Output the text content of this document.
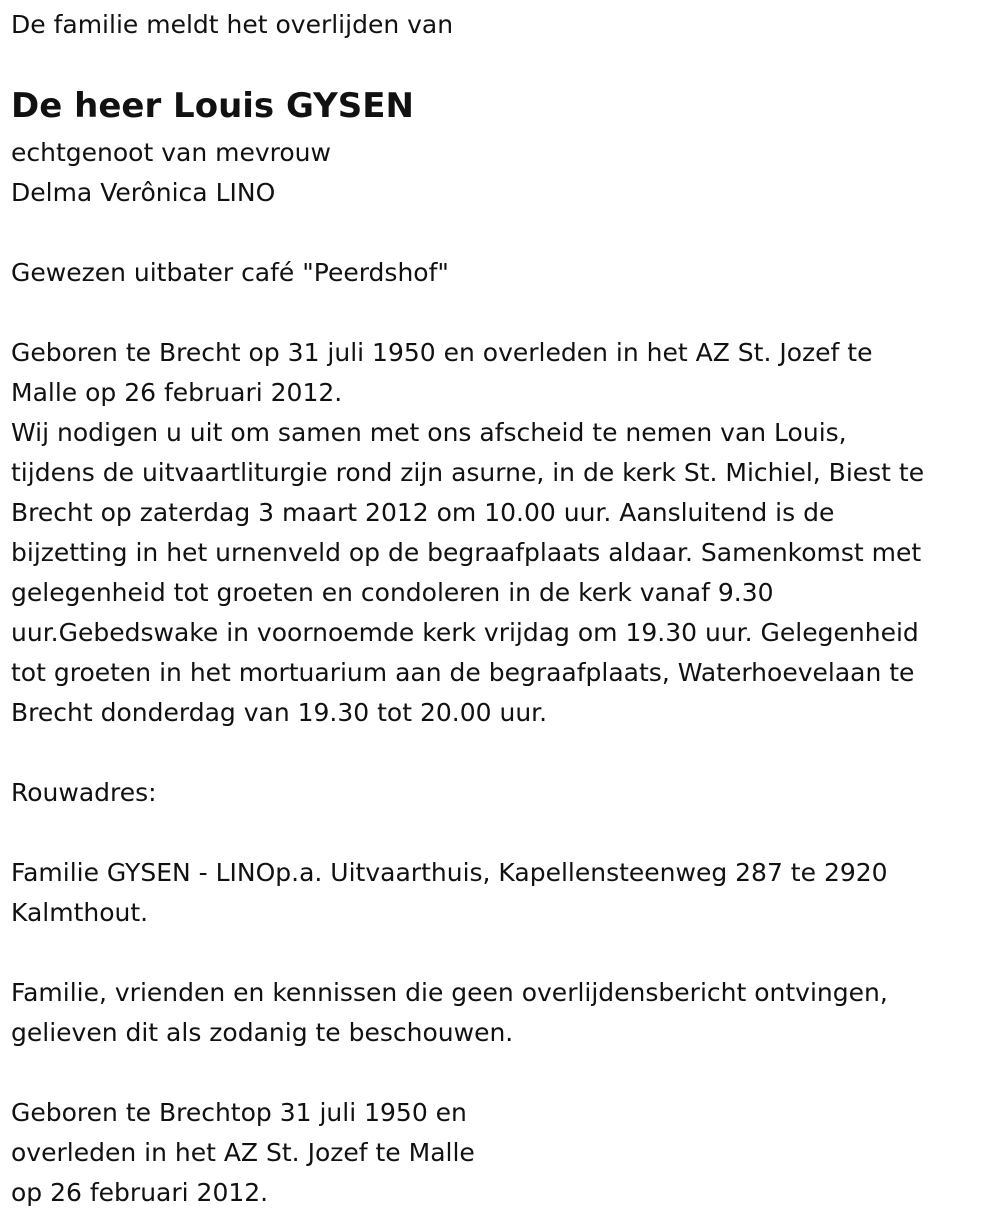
De familie meldt het overlijden van

De heer Louis GYSEN

echtgenoot van mevrouw
Delma Verônica LINO

Gewezen uitbater café "Peerdshof"

Geboren te Brecht op 31 juli 1950 en overleden in het AZ St. Jozef te
Malle op 26 februari 2012.
Wij nodigen u uit om samen met ons afscheid te nemen van Louis,
tijdens de uitvaartliturgie rond zijn asurne, in de kerk St. Michiel, Biest te
Brecht op zaterdag 3 maart 2012 om 10.00 uur. Aansluitend is de
bijzetting in het urnenveld op de begraafplaats aldaar. Samenkomst met
gelegenheid tot groeten en condoleren in de kerk vanaf 9.30
uur.Gebedswake in voornoemde kerk vrijdag om 19.30 uur. Gelegenheid
tot groeten in het mortuarium aan de begraafplaats, Waterhoevelaan te
Brecht donderdag van 19.30 tot 20.00 uur.

Rouwadres:

Familie GYSEN - LINOp.a. Uitvaarthuis, Kapellensteenweg 287 te 2920
Kalmthout.

Familie, vrienden en kennissen die geen overlijdensbericht ontvingen,
gelieven dit als zodanig te beschouwen.

Geboren te Brechtop 31 juli 1950 en
overleden in het AZ St. Jozef te Malle
op 26 februari 2012.
